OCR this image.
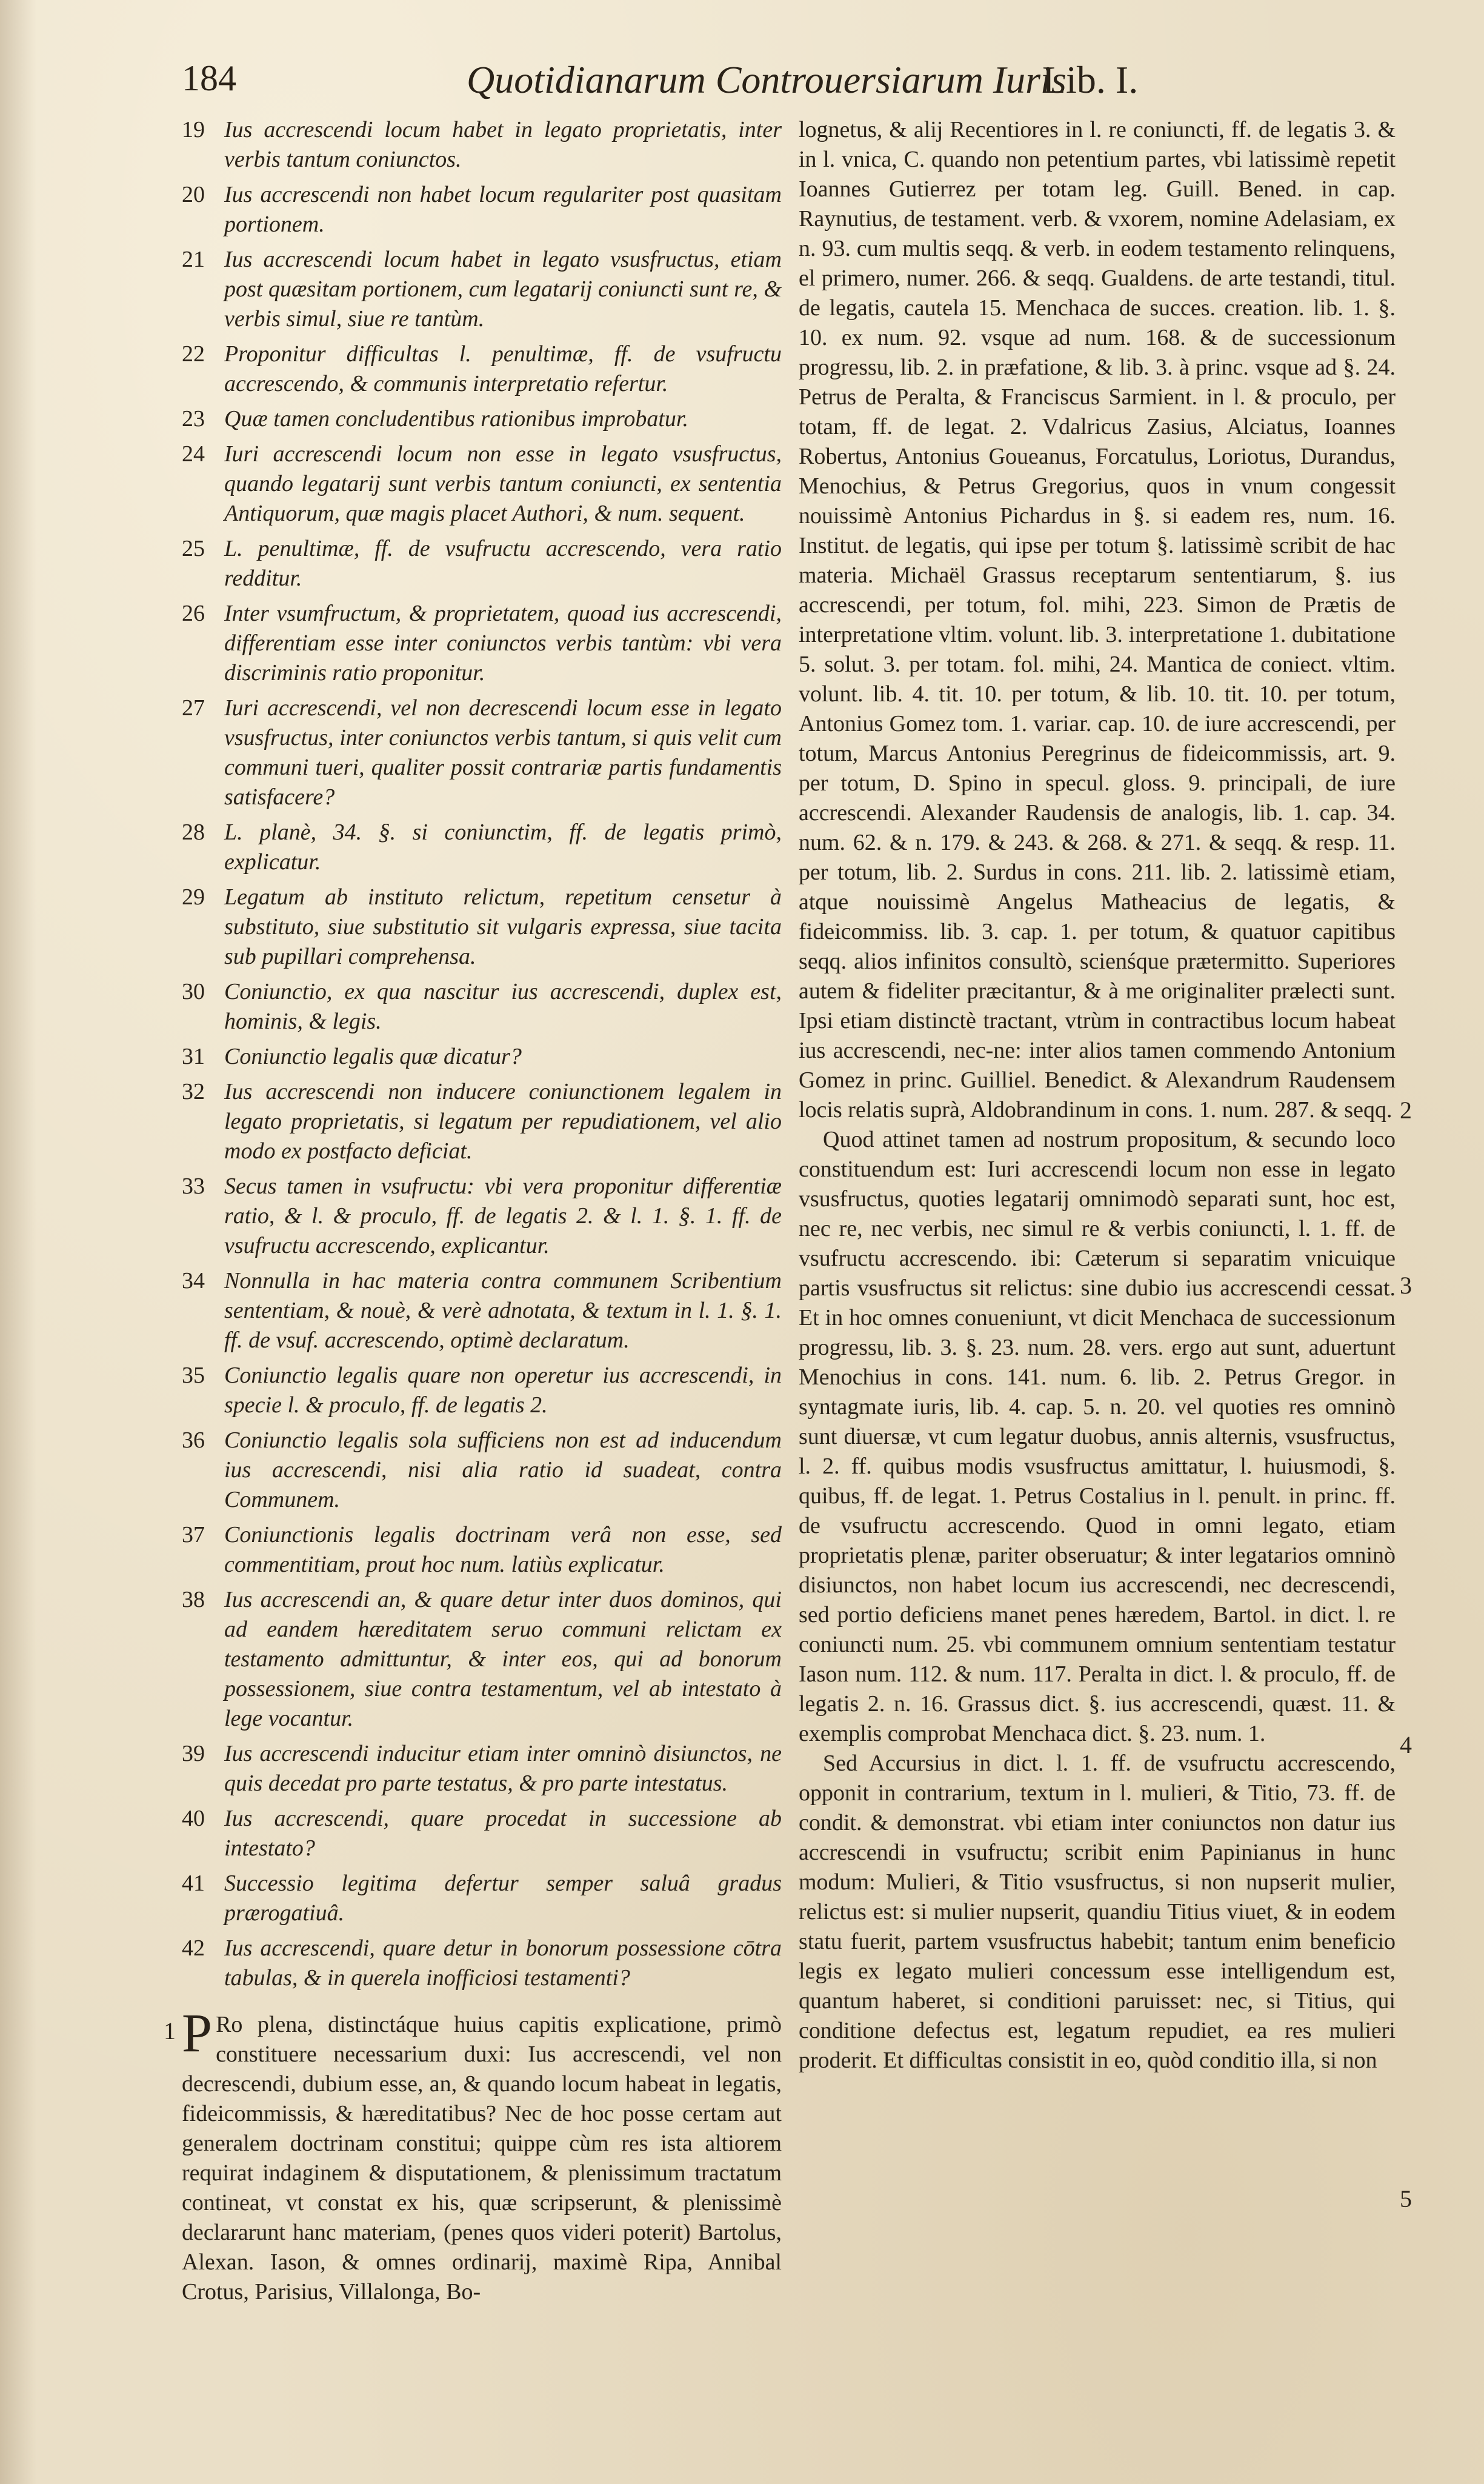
184	Quotidianarum Controuersiarum Iuris
Lib. I.
19 Ius accrescendi locum habet in legato proprietatis, inter verbis tantum coniunctos.
20 Ius accrescendi non habet locum regulariter post quasitam portionem.
21 Ius accrescendi locum habet in legato vsusfructus, etiam post quæsitam portionem, cum legatarij coniuncti sunt re, & verbis simul, siue re tantùm.
22 Proponitur difficultas l. penultimæ, ff. de vsufructu accrescendo, & communis interpretatio refertur.
23 Quæ tamen concludentibus rationibus improbatur.
24 Iuri accrescendi locum non esse in legato vsusfructus, quando legatarij sunt verbis tantum coniuncti, ex sententia Antiquorum, quæ magis placet Authori, & num. sequent.
25 L. penultimæ, ff. de vsufructu accrescendo, vera ratio redditur.
26 Inter vsumfructum, & proprietatem, quoad ius accrescendi, differentiam esse inter coniunctos verbis tantùm: vbi vera discriminis ratio proponitur.
27 Iuri accrescendi, vel non decrescendi locum esse in legato vsusfructus, inter coniunctos verbis tantum, si quis velit cum communi tueri, qualiter possit contrariæ partis fundamentis satisfacere?
28 L. planè, 34. §. si coniunctim, ff. de legatis primò, explicatur.
29 Legatum ab instituto relictum, repetitum censetur à substituto, siue substitutio sit vulgaris expressa, siue tacita sub pupillari comprehensa.
30 Coniunctio, ex qua nascitur ius accrescendi, duplex est, hominis, & legis.
31 Coniunctio legalis quæ dicatur?
32 Ius accrescendi non inducere coniunctionem legalem in legato proprietatis, si legatum per repudiationem, vel alio modo ex postfacto deficiat.
33 Secus tamen in vsufructu: vbi vera proponitur differentiæ ratio, & l. & proculo, ff. de legatis 2. & l. 1. §. 1. ff. de vsufructu accrescendo, explicantur.
34 Nonnulla in hac materia contra communem Scribentium sententiam, & nouè, & verè adnotata, & textum in l. 1. §. 1. ff. de vsuf. accrescendo, optimè declaratum.
35 Coniunctio legalis quare non operetur ius accrescendi, in specie l. & proculo, ff. de legatis 2.
36 Coniunctio legalis sola sufficiens non est ad inducendum ius accrescendi, nisi alia ratio id suadeat, contra Communem.
37 Coniunctionis legalis doctrinam verâ non esse, sed commentitiam, prout hoc num. latiùs explicatur.
38 Ius accrescendi an, & quare detur inter duos dominos, qui ad eandem hæreditatem seruo communi relictam ex testamento admittuntur, & inter eos, qui ad bonorum possessionem, siue contra testamentum, vel ab intestato à lege vocantur.
39 Ius accrescendi inducitur etiam inter omninò disiunctos, ne quis decedat pro parte testatus, & pro parte intestatus.
40 Ius accrescendi, quare procedat in successione ab intestato?
41 Successio legitima defertur semper saluâ gradus prærogatiuâ.
42 Ius accrescendi, quare detur in bonorum possessione cōtra tabulas, & in querela inofficiosi testamenti?
1 P Ro plena, distinctáque huius capitis explicatione, primò constituere necessarium duxi: Ius accrescendi, vel non decrescendi, dubium esse, an, & quando locum habeat in legatis, fideicommissis, & hæreditatibus? Nec de hoc posse certam aut generalem doctrinam constitui; quippe cùm res ista altiorem requirat indaginem & disputationem, & plenissimum tractatum contineat, vt constat ex his, quæ scripserunt, & plenissimè declararunt hanc materiam, (penes quos videri poterit) Bartolus, Alexan. Iason, & omnes ordinarij, maximè Ripa, Annibal Crotus, Parisius, Villalonga, Bo-

lognetus, & alij Recentiores in l. re coniuncti, ff. de legatis 3. & in l. vnica, C. quando non petentium partes, vbi latissimè repetit Ioannes Gutierrez per totam leg. Guill. Bened. in cap. Raynutius, de testament. verb. & vxorem, nomine Adelasiam, ex n. 93. cum multis seqq. & verb. in eodem testamento relinquens, el primero, numer. 266. & seqq. Gualdens. de arte testandi, titul. de legatis, cautela 15. Menchaca de succes. creation. lib. 1. §. 10. ex num. 92. vsque ad num. 168. & de successionum progressu, lib. 2. in præfatione, & lib. 3. à princ. vsque ad §. 24. Petrus de Peralta, & Franciscus Sarmient. in l. & proculo, per totam, ff. de legat. 2. Vdalricus Zasius, Alciatus, Ioannes Robertus, Antonius Goueanus, Forcatulus, Loriotus, Durandus, Menochius, & Petrus Gregorius, quos in vnum congessit nouissimè Antonius Pichardus in §. si eadem res, num. 16. Institut. de legatis, qui ipse per totum §. latissimè scribit de hac materia. Michaël Grassus receptarum sententiarum, §. ius accrescendi, per totum, fol. mihi, 223. Simon de Prætis de interpretatione vltim. volunt. lib. 3. interpretatione 1. dubitatione 5. solut. 3. per totam. fol. mihi, 24. Mantica de coniect. vltim. volunt. lib. 4. tit. 10. per totum, & lib. 10. tit. 10. per totum, Antonius Gomez tom. 1. variar. cap. 10. de iure accrescendi, per totum, Marcus Antonius Peregrinus de fideicommissis, art. 9. per totum, D. Spino in specul. gloss. 9. principali, de iure accrescendi. Alexander Raudensis de analogis, lib. 1. cap. 34. num. 62. & n. 179. & 243. & 268. & 271. & seqq. & resp. 11. per totum, lib. 2. Surdus in cons. 211. lib. 2. latissimè etiam, atque nouissimè Angelus Matheacius de legatis, & fideicommiss. lib. 3. cap. 1. per totum, & quatuor capitibus seqq. alios infinitos consultò, scienśque prætermitto. Superiores autem & fideliter præcitantur, & à me originaliter prælecti sunt. Ipsi etiam distinctè tractant, vtrùm in contractibus locum habeat ius accrescendi, nec-ne: inter alios tamen commendo Antonium Gomez in princ. Guilliel. Benedict. & Alexandrum Raudensem locis relatis suprà, Aldobrandinum in cons. 1. num. 287. & seqq.

Quod attinet tamen ad nostrum propositum, & secundo loco constituendum est: Iuri accrescendi locum non esse in legato vsusfructus, quoties legatarij omnimodò separati sunt, hoc est, nec re, nec verbis, nec simul re & verbis coniuncti, l. 1. ff. de vsufructu accrescendo. ibi: Cæterum si separatim vnicuique partis vsusfructus sit relictus: sine dubio ius accrescendi cessat. Et in hoc omnes conueniunt, vt dicit Menchaca de successionum progressu, lib. 3. §. 23. num. 28. vers. ergo aut sunt, aduertunt Menochius in cons. 141. num. 6. lib. 2. Petrus Gregor. in syntagmate iuris, lib. 4. cap. 5. n. 20. vel quoties res omninò sunt diuersæ, vt cum legatur duobus, annis alternis, vsusfructus, l. 2. ff. quibus modis vsusfructus amittatur, l. huiusmodi, §. quibus, ff. de legat. 1. Petrus Costalius in l. penult. in princ. ff. de vsufructu accrescendo. Quod in omni legato, etiam proprietatis plenæ, pariter obseruatur; & inter legatarios omninò disiunctos, non habet locum ius accrescendi, nec decrescendi, sed portio deficiens manet penes hæredem, Bartol. in dict. l. re coniuncti num. 25. vbi communem omnium sententiam testatur Iason num. 112. & num. 117. Peralta in dict. l. & proculo, ff. de legatis 2. n. 16. Grassus dict. §. ius accrescendi, quæst. 11. & exemplis comprobat Menchaca dict. §. 23. num. 1.

Sed Accursius in dict. l. 1. ff. de vsufructu accrescendo, opponit in contrarium, textum in l. mulieri, & Titio, 73. ff. de condit. & demonstrat. vbi etiam inter coniunctos non datur ius accrescendi in vsufructu; scribit enim Papinianus in hunc modum: Mulieri, & Titio vsusfructus, si non nupserit mulier, relictus est: si mulier nupserit, quandiu Titius viuet, & in eodem statu fuerit, partem vsusfructus habebit; tantum enim beneficio legis ex legato mulieri concessum esse intelligendum est, quantum haberet, si conditioni paruisset: nec, si Titius, qui conditione defectus est, legatum repudiet, ea res mulieri proderit. Et difficultas consistit in eo, quòd conditio illa, si non

2
3
4
5
